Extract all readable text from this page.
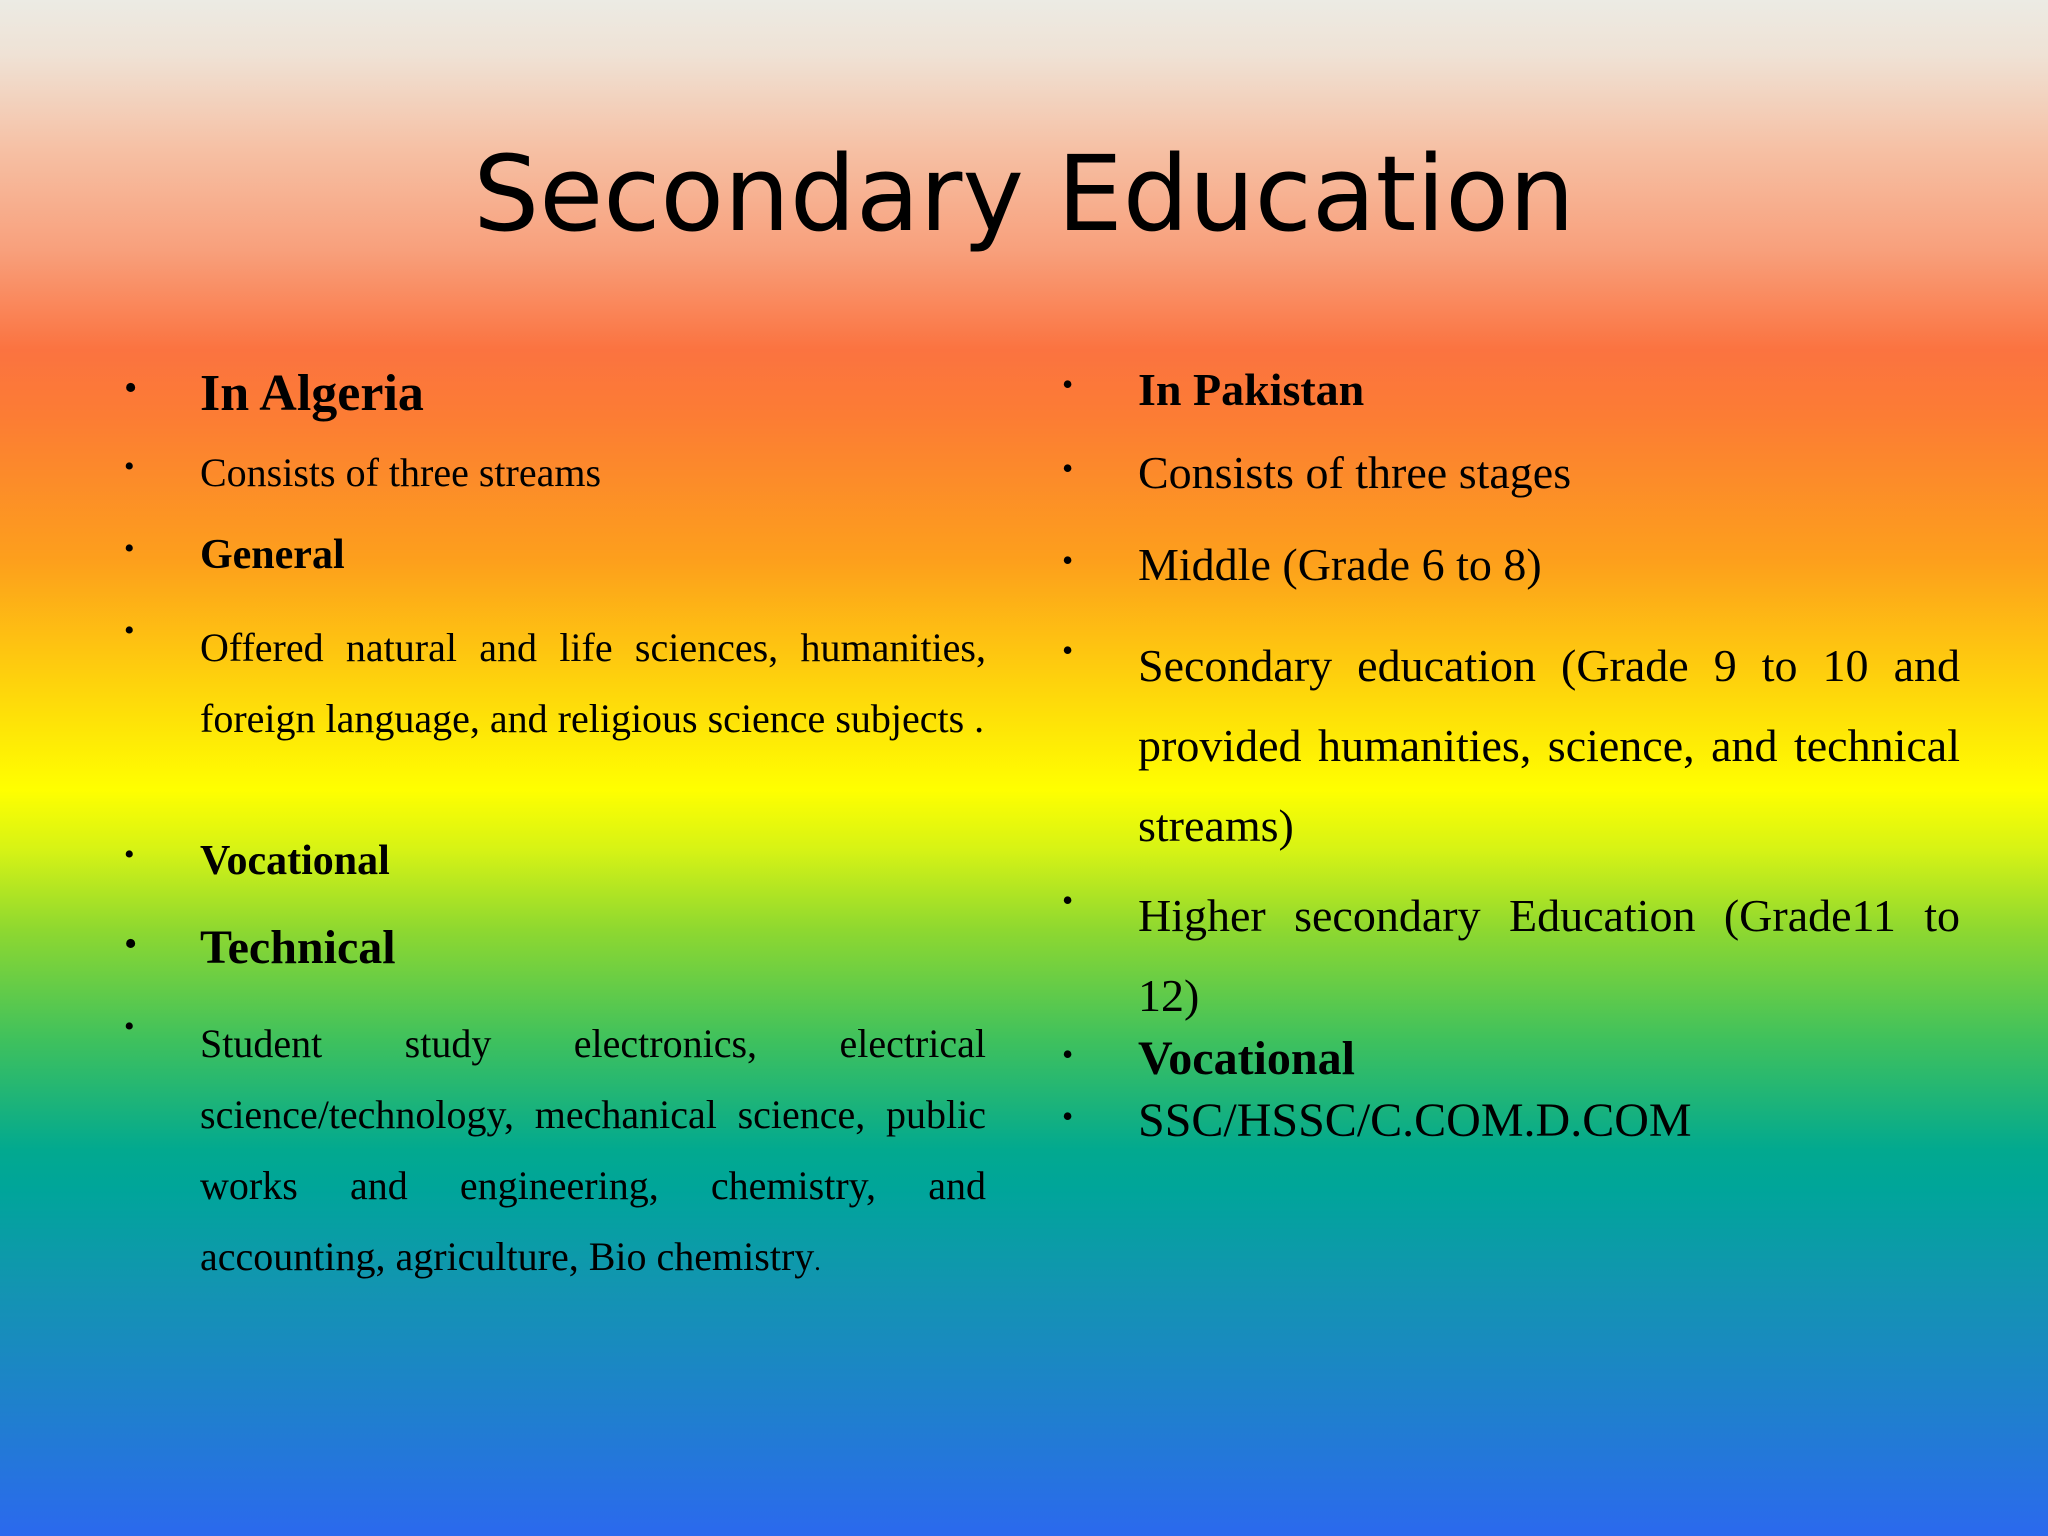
Secondary Education
• In Algeria
• Consists of three streams
• General
• Offered natural and life sciences, humanities, foreign language, and religious science subjects .
• Vocational
• Technical
• Student study electronics, electrical science/technology, mechanical science, public works and engineering, chemistry, and accounting, agriculture, Bio chemistry.
• In Pakistan
• Consists of three stages
• Middle (Grade 6 to 8)
• Secondary education (Grade 9 to 10 and provided humanities, science, and technical streams)
• Higher secondary Education (Grade11 to 12)
• Vocational
• SSC/HSSC/C.COM.D.COM
